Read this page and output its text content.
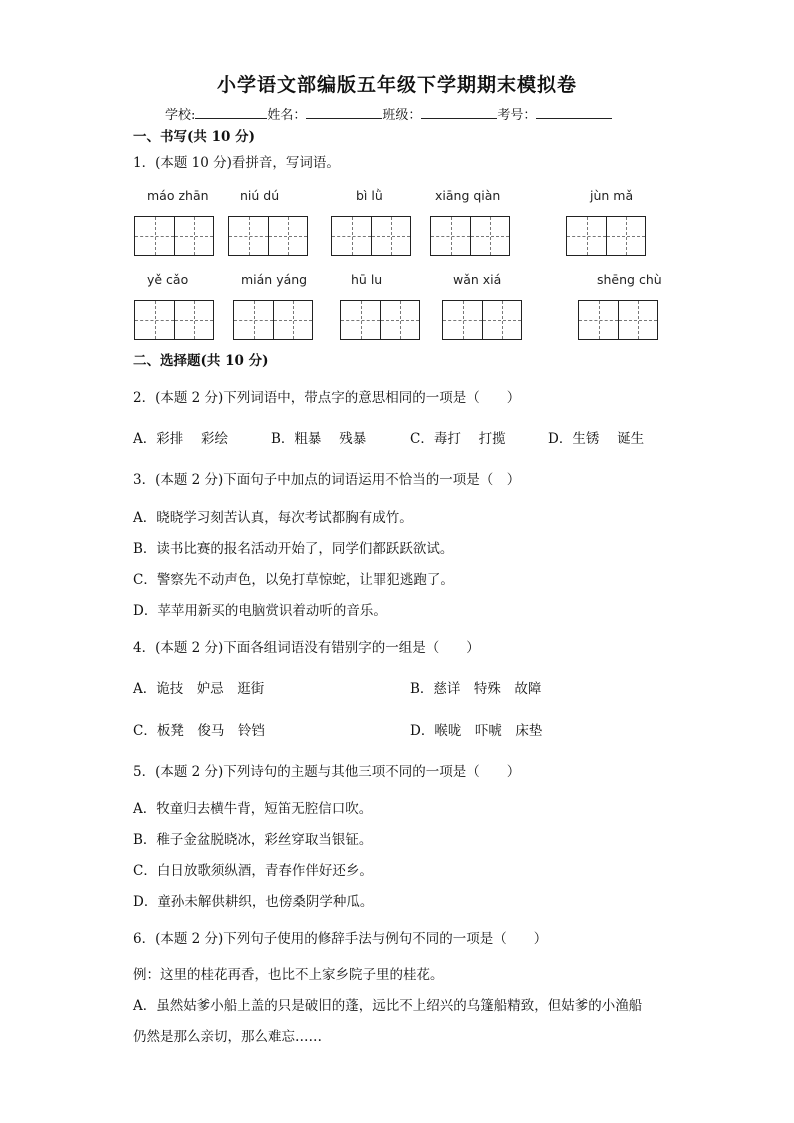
小学语文部编版五年级下学期期末模拟卷
学校:	姓名：	班级：	考号：
一、书写(共 10 分)
1．(本题 10 分)看拼音，写词语。
máo zhān	niú dú	bì lǜ	xiāng qiàn	jùn mǎ
yě cǎo	mián yáng	hū lu	wǎn xiá	shēng chù
二、选择题(共 10 分)
2．(本题 2 分)下列词语中，带点字的意思相同的一项是（　　）
A．彩排　 彩绘	B．粗暴　 残暴	C．毒打　 打揽	D．生锈　 诞生
3．(本题 2 分)下面句子中加点的词语运用不恰当的一项是（　）
A．晓晓学习刻苦认真，每次考试都胸有成竹。
B．读书比赛的报名活动开始了，同学们都跃跃欲试。
C．警察先不动声色，以免打草惊蛇，让罪犯逃跑了。
D．苹苹用新买的电脑赏识着动听的音乐。
4．(本题 2 分)下面各组词语没有错别字的一组是（　　）
A．诡技　妒忌　逛街	B．慈详　特殊　故障
C．板凳　俊马　铃铛	D．喉咙　吓唬　床垫
5．(本题 2 分)下列诗句的主题与其他三项不同的一项是（　　）
A．牧童归去横牛背，短笛无腔信口吹。
B．稚子金盆脱晓冰，彩丝穿取当银钲。
C．白日放歌须纵酒，青春作伴好还乡。
D．童孙未解供耕织，也傍桑阴学种瓜。
6．(本题 2 分)下列句子使用的修辞手法与例句不同的一项是（　　）
例：这里的桂花再香，也比不上家乡院子里的桂花。
A．虽然姑爹小船上盖的只是破旧的蓬，远比不上绍兴的乌篷船精致，但姑爹的小渔船
仍然是那么亲切，那么难忘……
